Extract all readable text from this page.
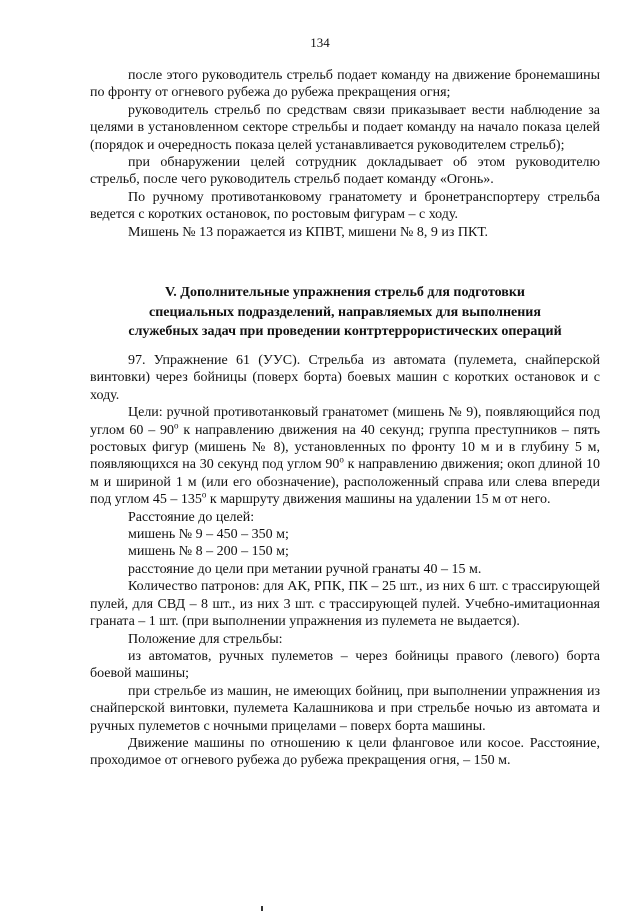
134

после этого руководитель стрельб подает команду на движение бронемашины по фронту от огневого рубежа до рубежа прекращения огня;

руководитель стрельб по средствам связи приказывает вести наблюдение за целями в установленном секторе стрельбы и подает команду на начало показа целей (порядок и очередность показа целей устанавливается руководителем стрельб);

при обнаружении целей сотрудник докладывает об этом руководителю стрельб, после чего руководитель стрельб подает команду «Огонь».

По ручному противотанковому гранатомету и бронетранспортеру стрельба ведется с коротких остановок, по ростовым фигурам – с ходу.

Мишень № 13 поражается из КПВТ, мишени № 8, 9 из ПКТ.

V. Дополнительные упражнения стрельб для подготовки
специальных подразделений, направляемых для выполнения
служебных задач при проведении контртеррористических операций

97. Упражнение 61 (УУС). Стрельба из автомата (пулемета, снайперской винтовки) через бойницы (поверх борта) боевых машин с коротких остановок и с ходу.

Цели: ручной противотанковый гранатомет (мишень № 9), появляющийся под углом 60 – 90$^o$ к направлению движения на 40 секунд; группа преступников – пять ростовых фигур (мишень № 8), установленных по фронту 10 м и в глубину 5 м, появляющихся на 30 секунд под углом 90$^o$ к направлению движения; окоп длиной 10 м и шириной 1 м (или его обозначение), расположенный справа или слева впереди под углом 45 – 135$^o$ к маршруту движения машины на удалении 15 м от него.

Расстояние до целей:

мишень № 9 – 450 – 350 м;

мишень № 8 – 200 – 150 м;

расстояние до цели при метании ручной гранаты 40 – 15 м.

Количество патронов: для АК, РПК, ПК – 25 шт., из них 6 шт. с трассирующей пулей, для СВД – 8 шт., из них 3 шт. с трассирующей пулей. Учебно-имитационная граната – 1 шт. (при выполнении упражнения из пулемета не выдается).

Положение для стрельбы:

из автоматов, ручных пулеметов – через бойницы правого (левого) борта боевой машины;

при стрельбе из машин, не имеющих бойниц, при выполнении упражнения из снайперской винтовки, пулемета Калашникова и при стрельбе ночью из автомата и ручных пулеметов с ночными прицелами – поверх борта машины.

Движение машины по отношению к цели фланговое или косое. Расстояние, проходимое от огневого рубежа до рубежа прекращения огня, – 150 м.
